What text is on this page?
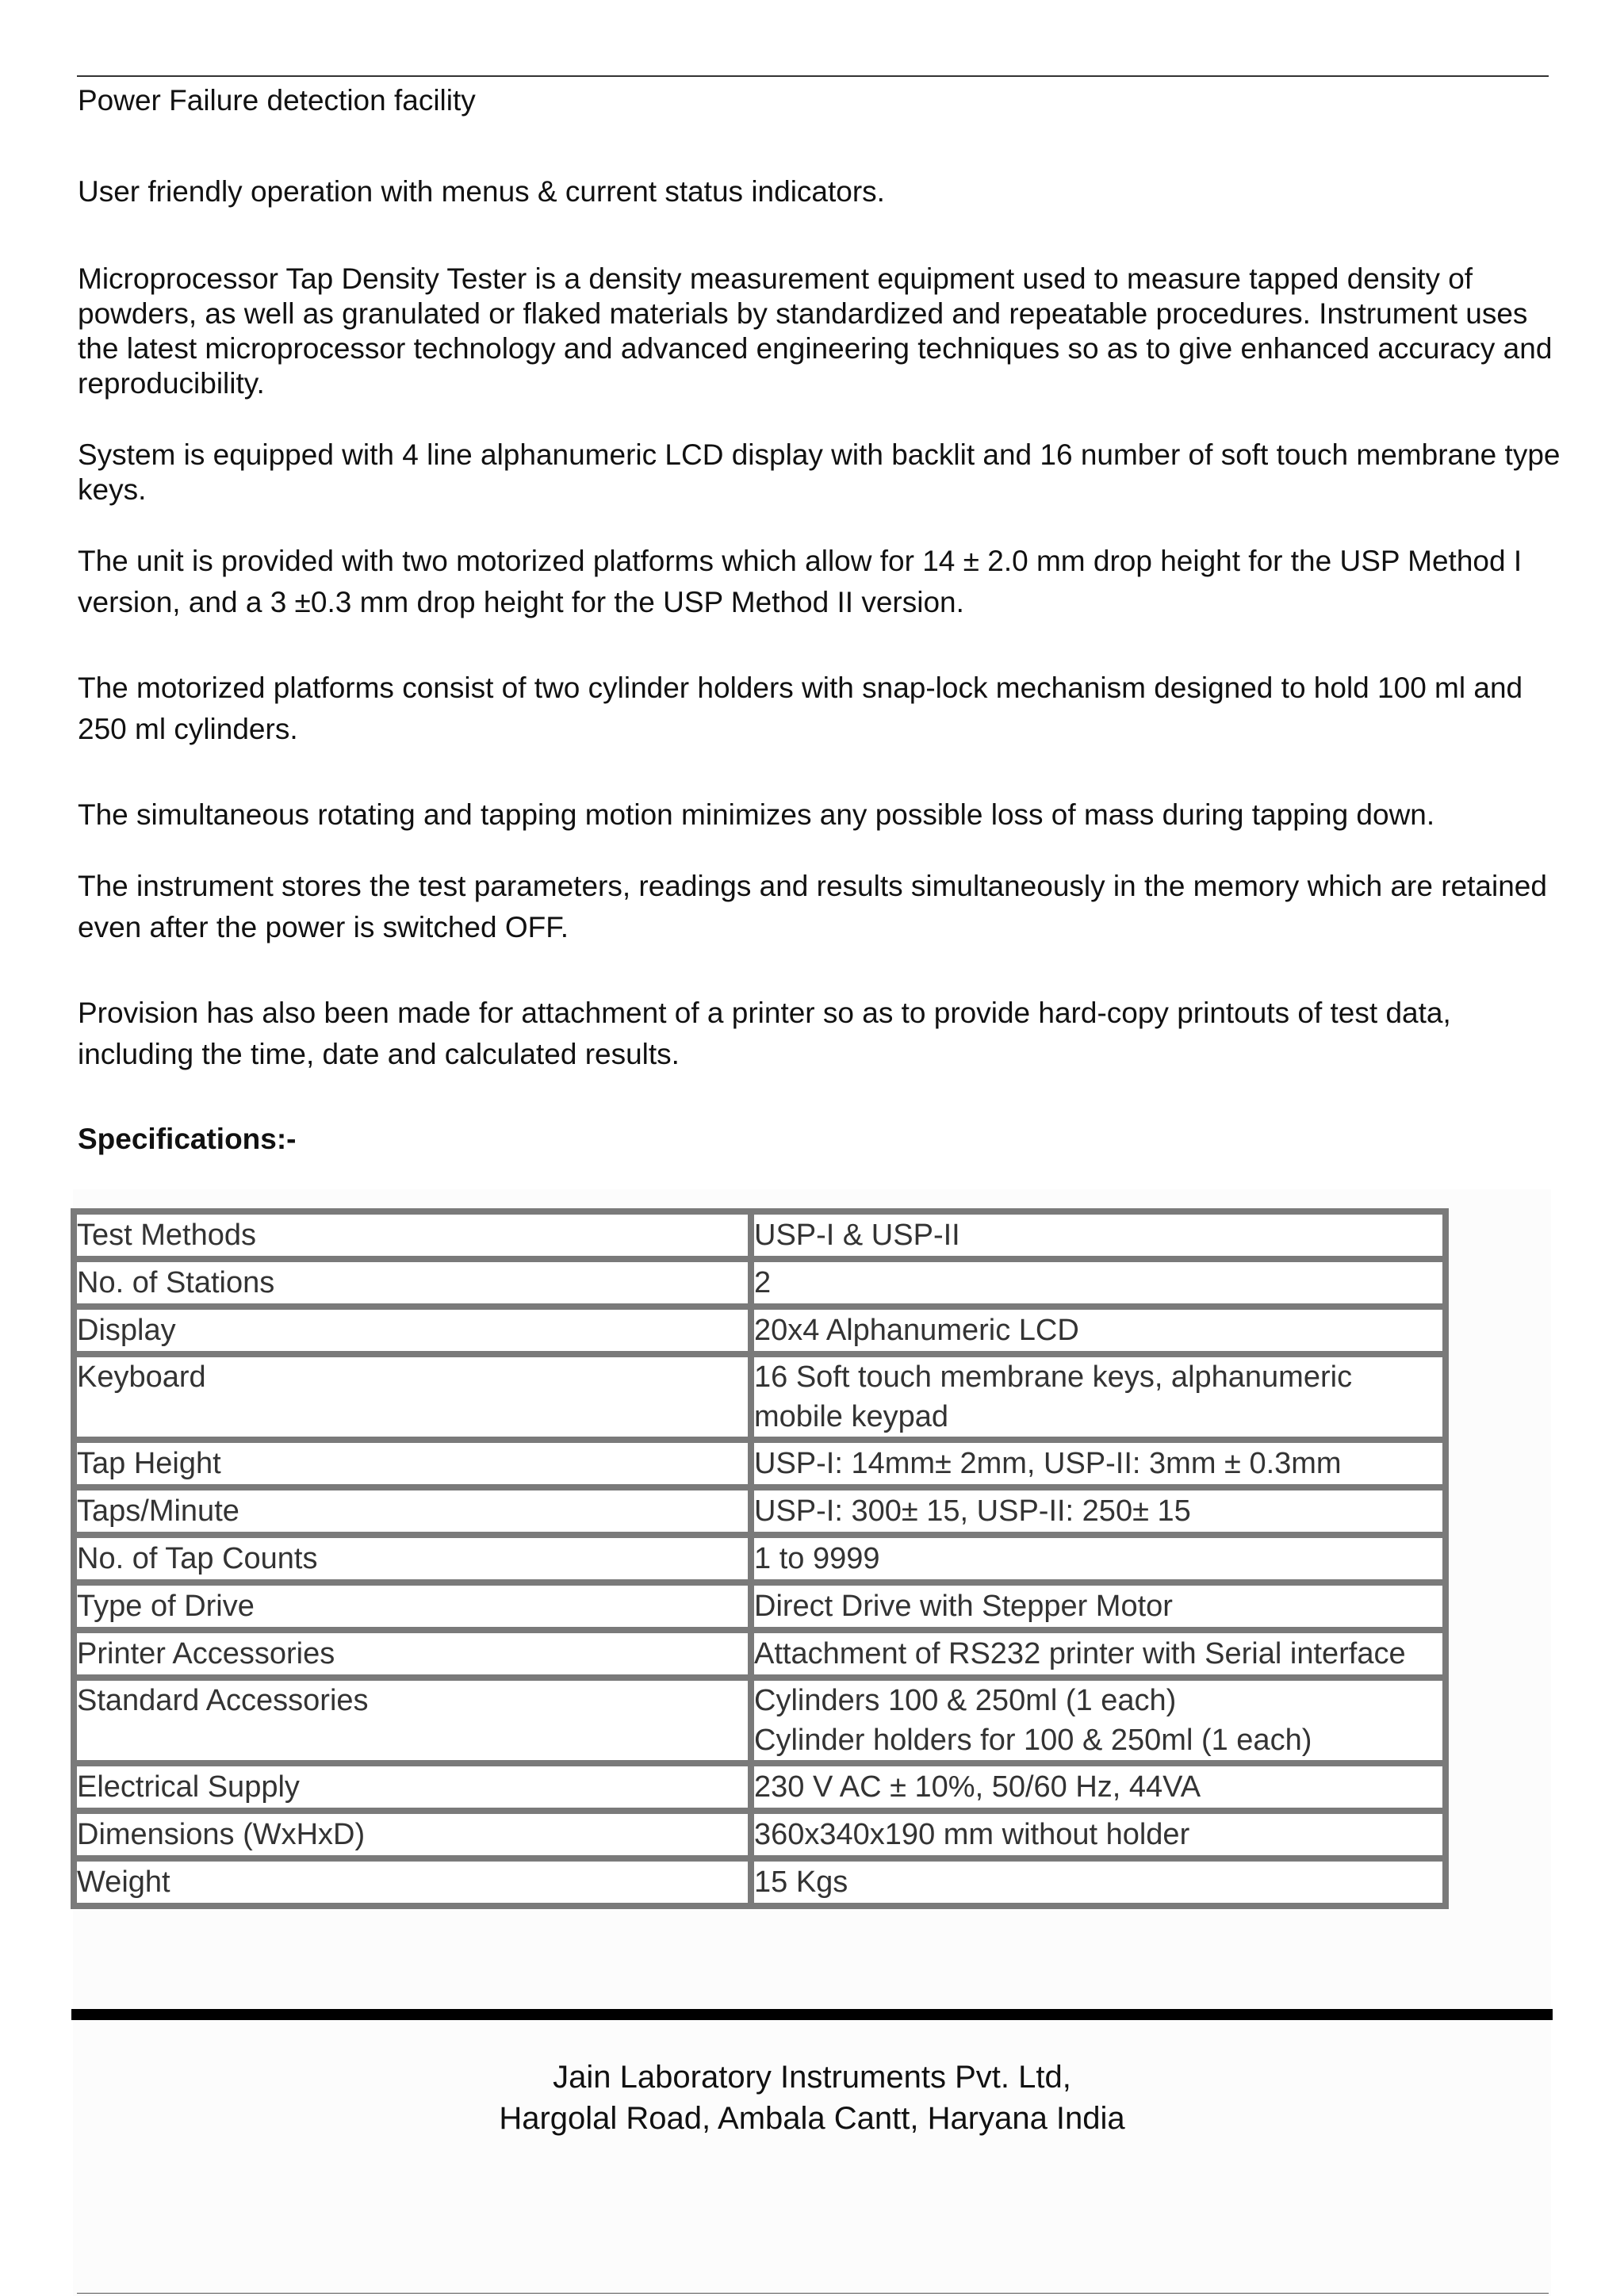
Power Failure detection facility

User friendly operation with menus & current status indicators.

Microprocessor Tap Density Tester is a density measurement equipment used to measure tapped density of powders, as well as granulated or flaked materials by standardized and repeatable procedures. Instrument uses the latest microprocessor technology and advanced engineering techniques so as to give enhanced accuracy and reproducibility.

System is equipped with 4 line alphanumeric LCD display with backlit and 16 number of soft touch membrane type keys.

The unit is provided with two motorized platforms which allow for 14 ± 2.0 mm drop height for the USP Method I version, and a 3 ±0.3 mm drop height for the USP Method II version.

The motorized platforms consist of two cylinder holders with snap-lock mechanism designed to hold 100 ml and 250 ml cylinders.

The simultaneous rotating and tapping motion minimizes any possible loss of mass during tapping down.

The instrument stores the test parameters, readings and results simultaneously in the memory which are retained even after the power is switched OFF.

Provision has also been made for attachment of a printer so as to provide hard-copy printouts of test data, including the time, date and calculated results.

Specifications:-
Test Methods	USP-I & USP-II

No. of Stations	2

Display	20x4 Alphanumeric LCD

Keyboard	16 Soft touch membrane keys, alphanumeric
mobile keypad

Tap Height	USP-I: 14mm± 2mm, USP-II: 3mm ± 0.3mm

Taps/Minute	USP-I: 300± 15, USP-II: 250± 15

No. of Tap Counts	1 to 9999

Type of Drive	Direct Drive with Stepper Motor

Printer Accessories	Attachment of RS232 printer with Serial interface

Standard Accessories	Cylinders 100 & 250ml (1 each)
Cylinder holders for 100 & 250ml (1 each)

Electrical Supply	230 V AC ± 10%, 50/60 Hz, 44VA

Dimensions (WxHxD)	360x340x190 mm without holder

Weight	15 Kgs
Jain Laboratory Instruments Pvt. Ltd,
Hargolal Road, Ambala Cantt, Haryana India
